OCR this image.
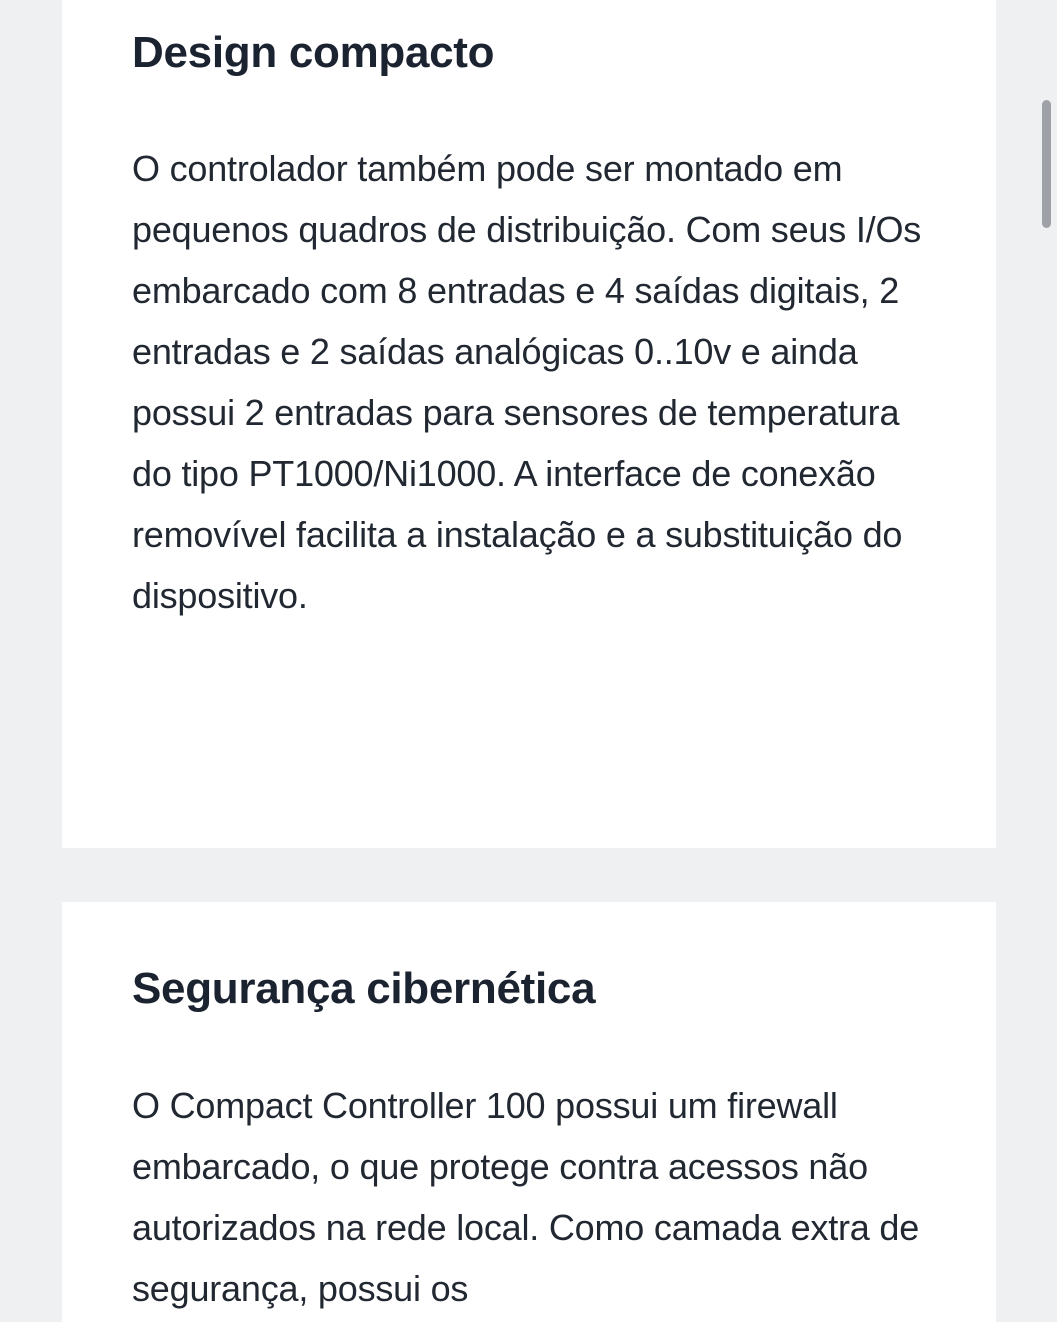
Design compacto

O controlador também pode ser montado em pequenos quadros de distribuição. Com seus I/Os embarcado com 8 entradas e 4 saídas digitais, 2 entradas e 2 saídas analógicas 0..10v e ainda possui 2 entradas para sensores de temperatura do tipo PT1000/Ni1000. A interface de conexão removível facilita a instalação e a substituição do dispositivo.

Segurança cibernética

O Compact Controller 100 possui um firewall embarcado, o que protege contra acessos não autorizados na rede local. Como camada extra de segurança, possui os
